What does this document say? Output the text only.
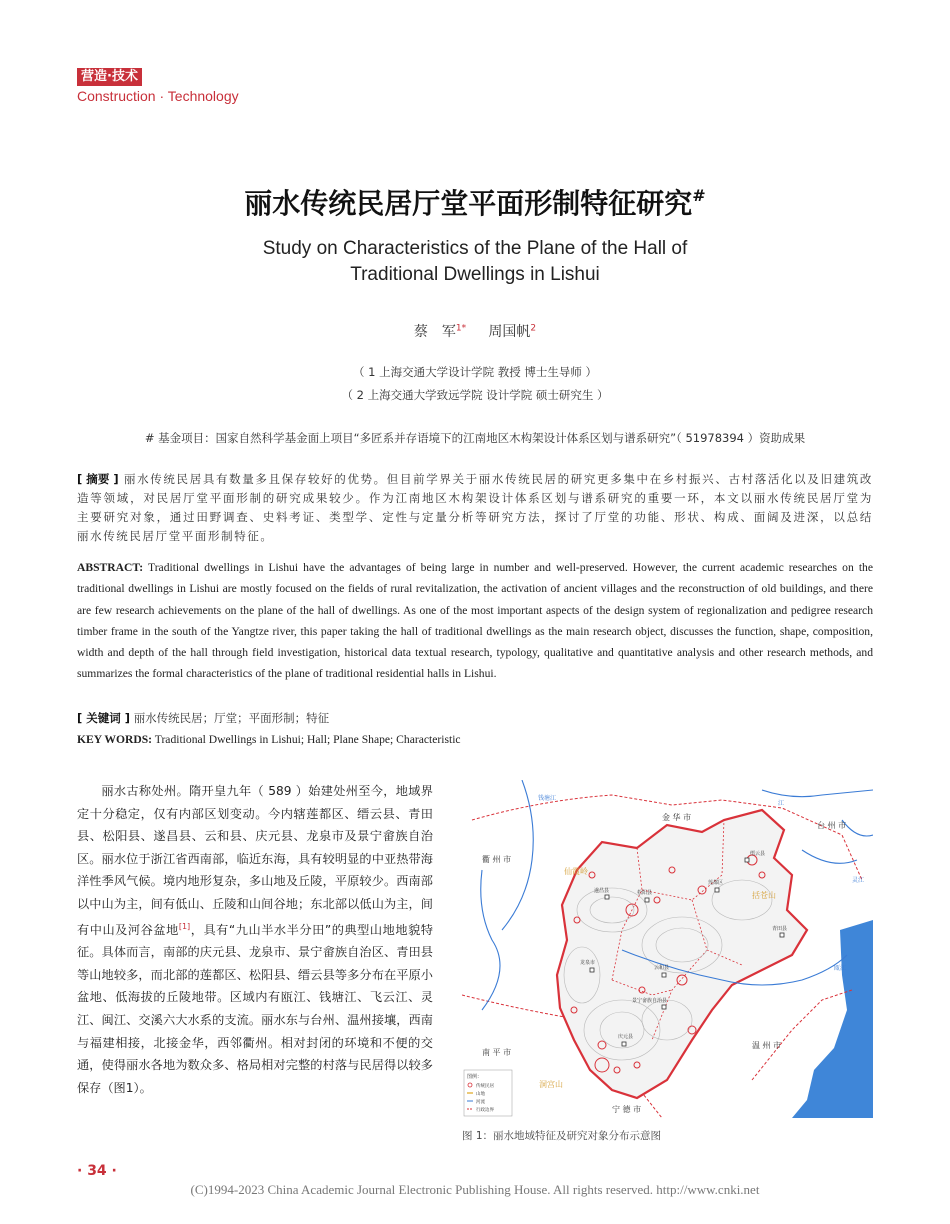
营造·技术
Construction · Technology
丽水传统民居厅堂平面形制特征研究#
Study on Characteristics of the Plane of the Hall of
Traditional Dwellings in Lishui
蔡　军$^{1*}$ 周国帆$^2$
（ 1 上海交通大学设计学院 教授 博士生导师 ）
（ 2 上海交通大学致远学院 设计学院 硕士研究生 ）
# 基金项目：国家自然科学基金面上项目“多匠系并存语境下的江南地区木构架设计体系区划与谱系研究”（ 51978394 ）资助成果
[ 摘要 ] 丽水传统民居具有数量多且保存较好的优势。但目前学界关于丽水传统民居的研究更多集中在乡村振兴、古村落活化以及旧建筑改造等领域，对民居厅堂平面形制的研究成果较少。作为江南地区木构架设计体系区划与谱系研究的重要一环，本文以丽水传统民居厅堂为主要研究对象，通过田野调查、史料考证、类型学、定性与定量分析等研究方法，探讨了厅堂的功能、形状、构成、面阔及进深，以总结丽水传统民居厅堂平面形制特征。
ABSTRACT: Traditional dwellings in Lishui have the advantages of being large in number and well-preserved. However, the current academic researches on the traditional dwellings in Lishui are mostly focused on the fields of rural revitalization, the activation of ancient villages and the reconstruction of old buildings, and there are few research achievements on the plane of the hall of dwellings. As one of the most important aspects of the design system of regionalization and pedigree research timber frame in the south of the Yangtze river, this paper taking the hall of traditional dwellings as the main research object, discusses the function, shape, composition, width and depth of the hall through field investigation, historical data textual research, typology, qualitative and quantitative analysis and other research methods, and summarizes the formal characteristics of the plane of traditional residential halls in Lishui.
[ 关键词 ] 丽水传统民居；厅堂；平面形制；特征
KEY WORDS: Traditional Dwellings in Lishui; Hall; Plane Shape; Characteristic
丽水古称处州。隋开皇九年（ 589 ）始建处州至今，地域界定十分稳定，仅有内部区划变动。今内辖莲都区、缙云县、青田县、松阳县、遂昌县、云和县、庆元县、龙泉市及景宁畲族自治区。丽水位于浙江省西南部，临近东海，具有较明显的中亚热带海洋性季风气候。境内地形复杂，多山地及丘陵，平原较少。西南部以中山为主，间有低山、丘陵和山间谷地；东北部以低山为主，间有中山及河谷盆地[1]，具有“九山半水半分田”的典型山地地貌特征。具体而言，南部的庆元县、龙泉市、景宁畲族自治区、青田县等山地较多，而北部的莲都区、松阳县、缙云县等多分布在平原小盆地、低海拔的丘陵地带。区域内有瓯江、钱塘江、飞云江、灵江、闽江、交溪六大水系的支流。丽水东与台州、温州接壤，西南与福建相接，北接金华，西邻衢州。相对封闭的环境和不便的交通，使得丽水各地为数众多、格局相对完整的村落与民居得以较多保存（图1）。
金 华 市
台 州 市
衢 州 市
南 平 市
温 州 市
宁 德 市
钱塘江
灵江
瓯江
江
仙霞岭
括苍山
洞宫山
缙云县
遂昌县	松阳县
莲都区
青田县
龙泉市
云和县
景宁畲族自治县
庆元县
图例：
传统民居
山地
河流
行政边界
图 1：丽水地域特征及研究对象分布示意图
· 34 ·
(C)1994-2023 China Academic Journal Electronic Publishing House. All rights reserved. http://www.cnki.net
